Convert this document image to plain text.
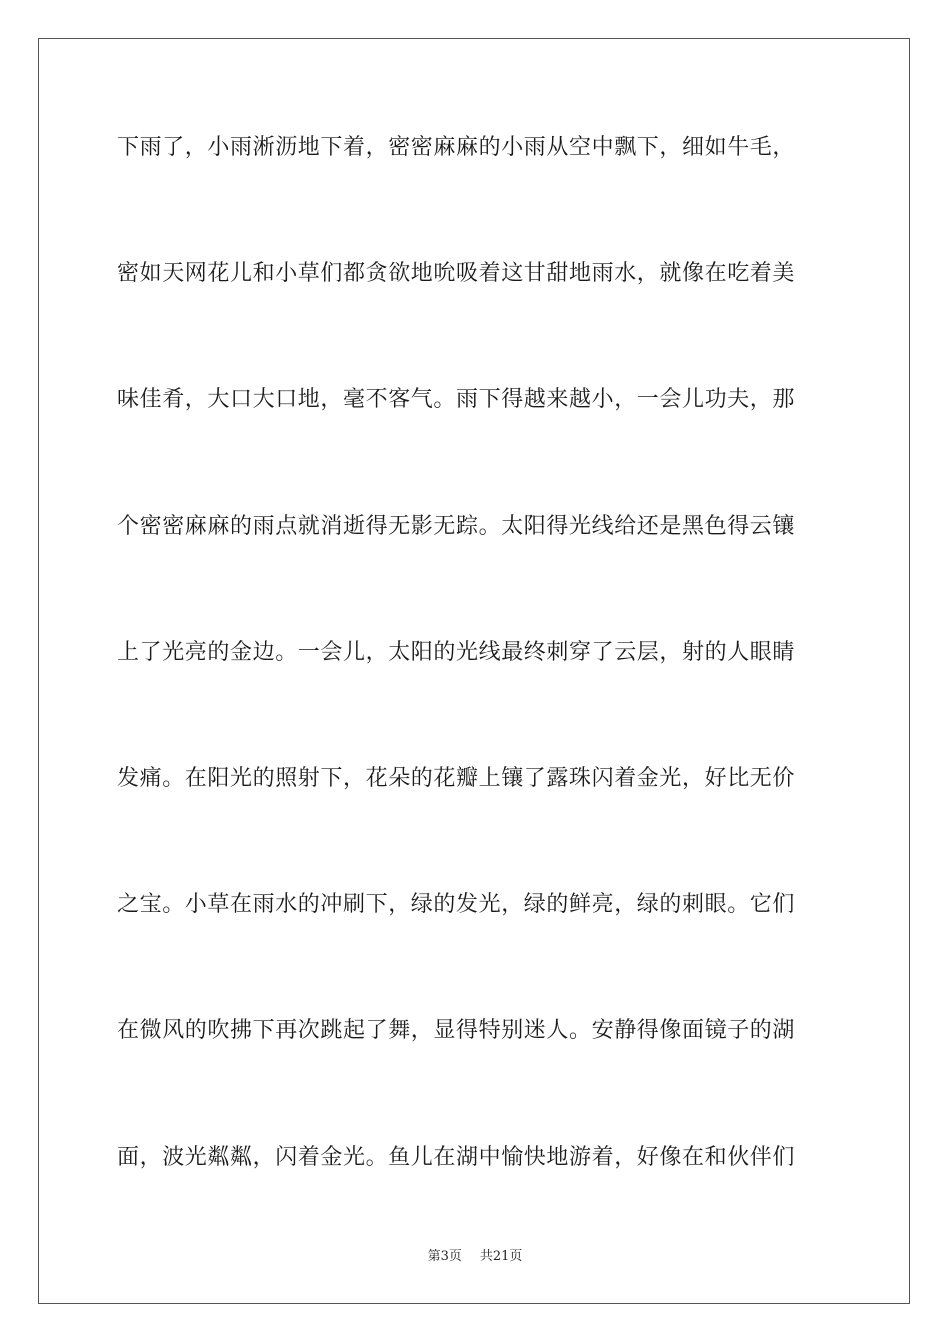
下雨了，小雨淅沥地下着，密密麻麻的小雨从空中飘下，细如牛毛，
密如天网花儿和小草们都贪欲地吮吸着这甘甜地雨水，就像在吃着美
味佳肴，大口大口地，毫不客气。雨下得越来越小，一会儿功夫，那
个密密麻麻的雨点就消逝得无影无踪。太阳得光线给还是黑色得云镶
上了光亮的金边。一会儿，太阳的光线最终刺穿了云层，射的人眼睛
发痛。在阳光的照射下，花朵的花瓣上镶了露珠闪着金光，好比无价
之宝。小草在雨水的冲刷下，绿的发光，绿的鲜亮，绿的刺眼。它们
在微风的吹拂下再次跳起了舞，显得特别迷人。安静得像面镜子的湖
面，波光粼粼，闪着金光。鱼儿在湖中愉快地游着，好像在和伙伴们
第3页 共21页
